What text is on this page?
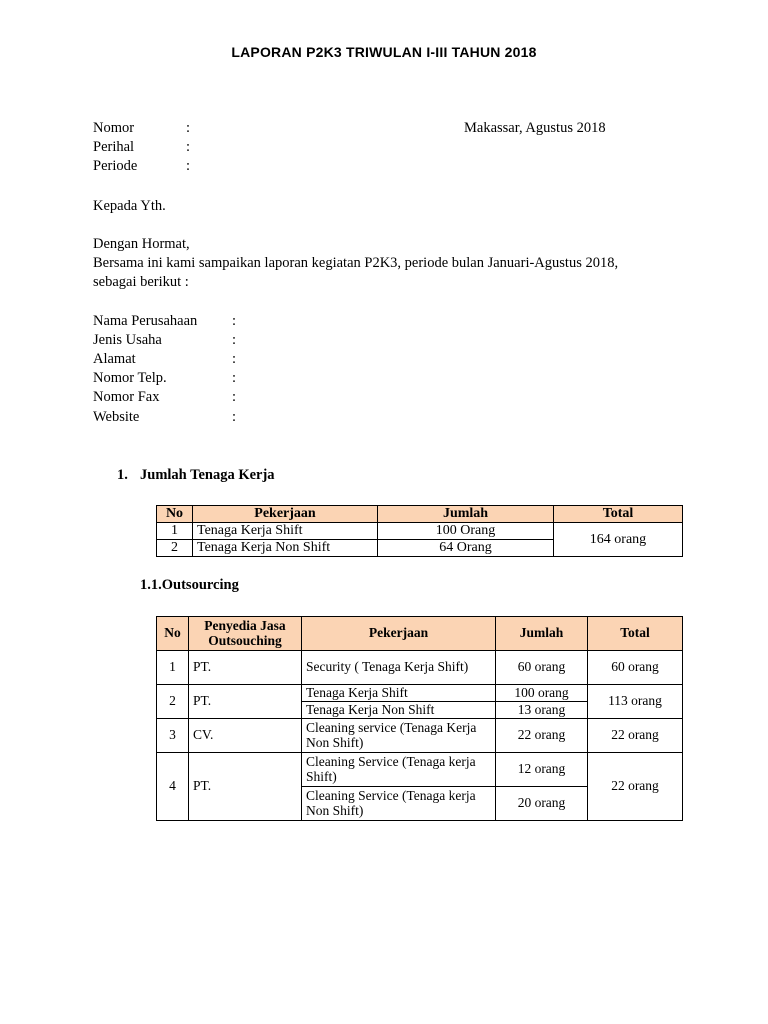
LAPORAN P2K3 TRIWULAN I-III TAHUN 2018
Nomor	:
Perihal	:
Periode	:
Makassar, Agustus 2018
Kepada Yth.
Dengan Hormat,
Bersama ini kami sampaikan laporan kegiatan P2K3, periode bulan Januari-Agustus 2018,
sebagai berikut :
Nama Perusahaan :
Jenis Usaha	:
Alamat	:
Nomor Telp.	:
Nomor Fax	:
Website	:
1. Jumlah Tenaga Kerja
No	Pekerjaan	Jumlah	Total
1	Tenaga Kerja Shift	100 Orang	164 orang
2	Tenaga Kerja Non Shift	64 Orang	
1.1.Outsourcing
No	Penyedia Jasa Outsouching	Pekerjaan	Jumlah	Total
1	PT.	Security ( Tenaga Kerja Shift)	60 orang	60 orang
2	PT.	Tenaga Kerja Shift	100 orang	113 orang
		Tenaga Kerja Non Shift	13 orang	
3	CV.	Cleaning service (Tenaga Kerja Non Shift)	22 orang	22 orang
4	PT.	Cleaning Service (Tenaga kerja Shift)	12 orang	22 orang
		Cleaning Service (Tenaga kerja Non Shift)	20 orang	
